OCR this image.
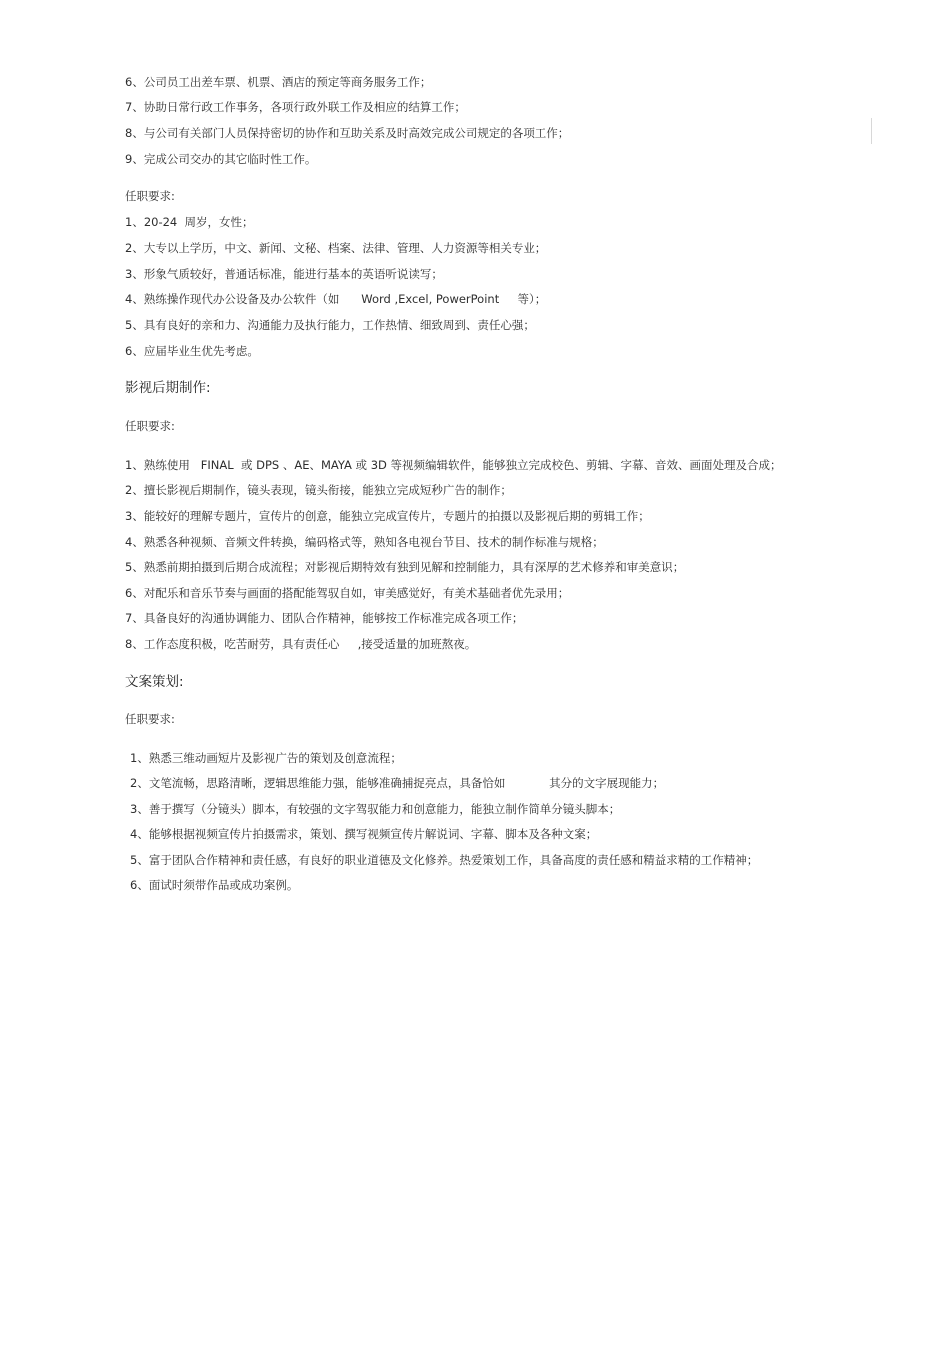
6、公司员工出差车票、机票、酒店的预定等商务服务工作；
7、协助日常行政工作事务，各项行政外联工作及相应的结算工作；
8、与公司有关部门人员保持密切的协作和互助关系及时高效完成公司规定的各项工作；
9、完成公司交办的其它临时性工作。
任职要求:
1、20-24  周岁，女性；
2、大专以上学历，中文、新闻、文秘、档案、法律、管理、人力资源等相关专业；
3、形象气质较好，普通话标准，能进行基本的英语听说读写；
4、熟练操作现代办公设备及办公软件（如      Word ,Excel, PowerPoint     等）；
5、具有良好的亲和力、沟通能力及执行能力，工作热情、细致周到、责任心强；
6、应届毕业生优先考虑。
影视后期制作:
任职要求:
1、熟练使用   FINAL  或 DPS 、AE、MAYA 或 3D 等视频编辑软件，能够独立完成校色、剪辑、字幕、音效、画面处理及合成；
2、擅长影视后期制作，镜头表现，镜头衔接，能独立完成短秒广告的制作；
3、能较好的理解专题片，宣传片的创意，能独立完成宣传片，专题片的拍摄以及影视后期的剪辑工作；
4、熟悉各种视频、音频文件转换，编码格式等，熟知各电视台节目、技术的制作标准与规格；
5、熟悉前期拍摄到后期合成流程；对影视后期特效有独到见解和控制能力，具有深厚的艺术修养和审美意识；
6、对配乐和音乐节奏与画面的搭配能驾驭自如，审美感觉好，有美术基础者优先录用；
7、具备良好的沟通协调能力、团队合作精神，能够按工作标准完成各项工作；
8、工作态度积极，吃苦耐劳，具有责任心     ,接受适量的加班熬夜。
文案策划:
任职要求:
1、熟悉三维动画短片及影视广告的策划及创意流程；
2、文笔流畅，思路清晰，逻辑思维能力强，能够准确捕捉亮点，具备恰如            其分的文字展现能力；
3、善于撰写（分镜头）脚本，有较强的文字驾驭能力和创意能力，能独立制作简单分镜头脚本；
4、能够根据视频宣传片拍摄需求，策划、撰写视频宣传片解说词、字幕、脚本及各种文案；
5、富于团队合作精神和责任感，有良好的职业道德及文化修养。热爱策划工作，具备高度的责任感和精益求精的工作精神；
6、面试时须带作品或成功案例。
